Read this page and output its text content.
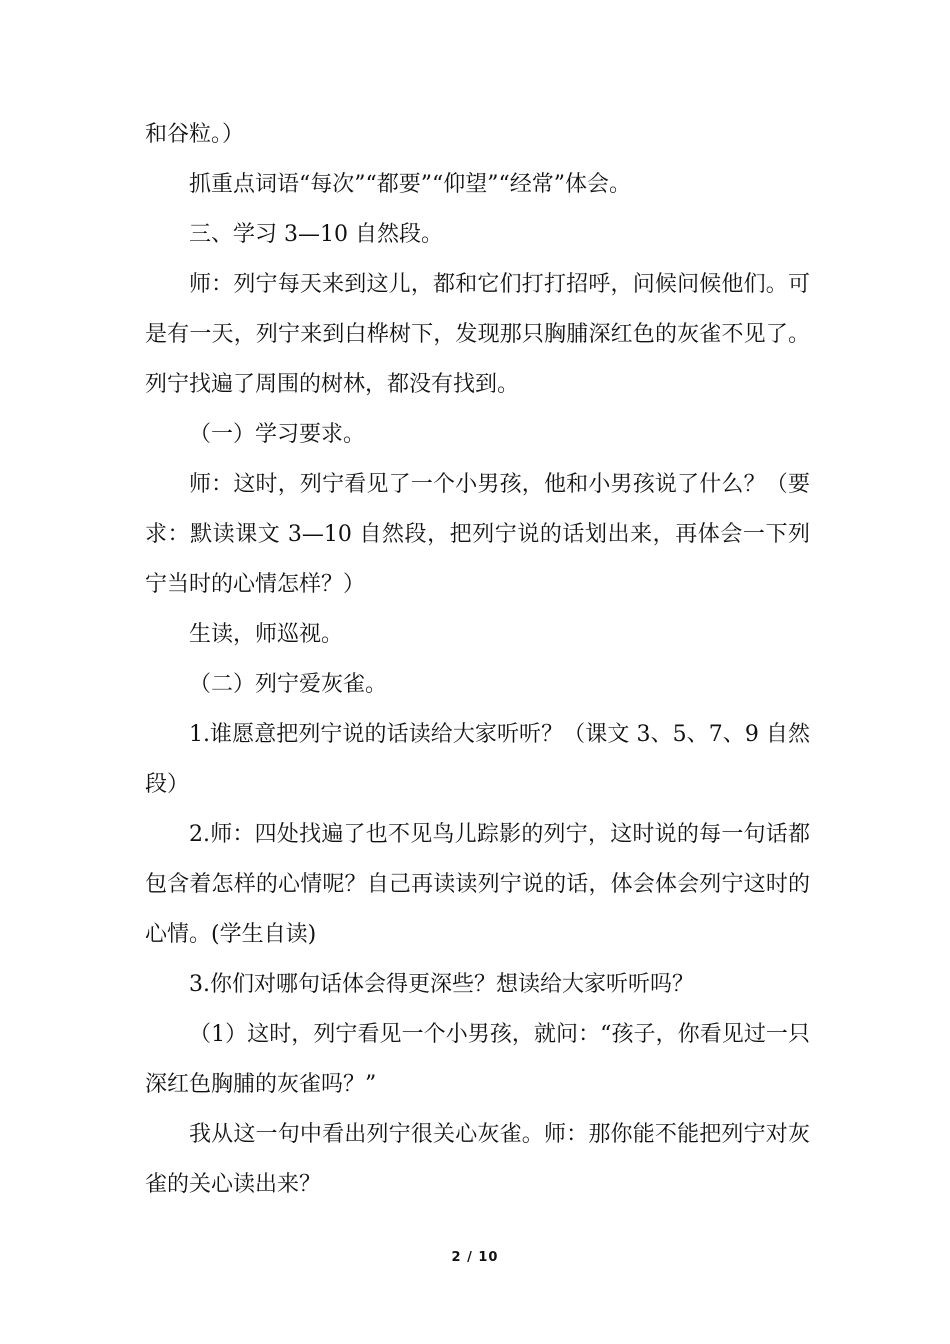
和谷粒。）

抓重点词语“每次”“都要”“仰望”“经常”体会。

三、学习 3—10 自然段。

师：列宁每天来到这儿，都和它们打打招呼，问候问候他们。可是有一天，列宁来到白桦树下，发现那只胸脯深红色的灰雀不见了。列宁找遍了周围的树林，都没有找到。

（一）学习要求。

师：这时，列宁看见了一个小男孩，他和小男孩说了什么？（要求：默读课文 3—10 自然段，把列宁说的话划出来，再体会一下列宁当时的心情怎样？）

生读，师巡视。

（二）列宁爱灰雀。

1.谁愿意把列宁说的话读给大家听听？（课文 3、5、7、9 自然段）

2.师：四处找遍了也不见鸟儿踪影的列宁，这时说的每一句话都包含着怎样的心情呢？自己再读读列宁说的话，体会体会列宁这时的心情。(学生自读)

3.你们对哪句话体会得更深些？想读给大家听听吗？

（1）这时，列宁看见一个小男孩，就问：“孩子，你看见过一只深红色胸脯的灰雀吗？”

我从这一句中看出列宁很关心灰雀。师：那你能不能把列宁对灰雀的关心读出来？

2 / 10
